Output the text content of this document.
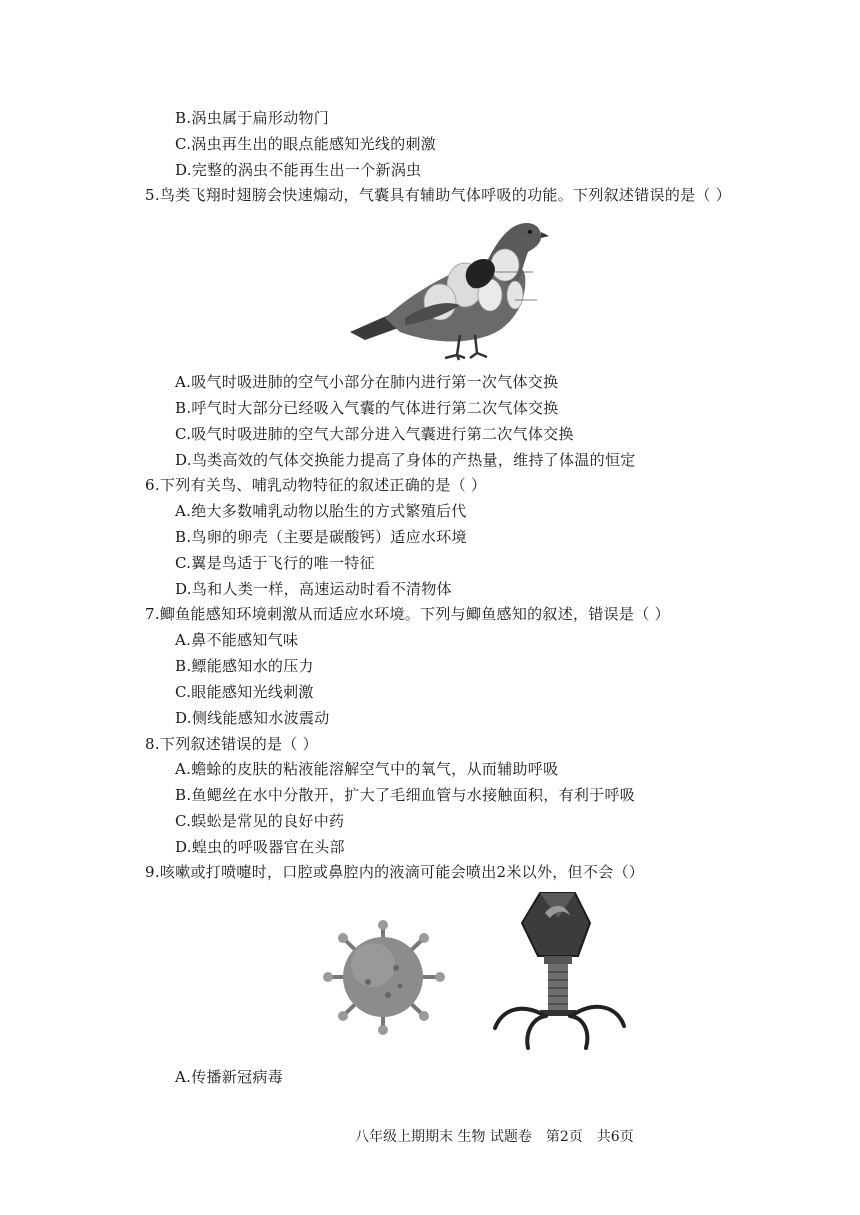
B.涡虫属于扁形动物门
C.涡虫再生出的眼点能感知光线的刺激
D.完整的涡虫不能再生出一个新涡虫
5.鸟类飞翔时翅膀会快速煽动，气囊具有辅助气体呼吸的功能。下列叙述错误的是（ ）
A.吸气时吸进肺的空气小部分在肺内进行第一次气体交换
B.呼气时大部分已经吸入气囊的气体进行第二次气体交换
C.吸气时吸进肺的空气大部分进入气囊进行第二次气体交换
D.鸟类高效的气体交换能力提高了身体的产热量，维持了体温的恒定
6.下列有关鸟、哺乳动物特征的叙述正确的是（ ）
A.绝大多数哺乳动物以胎生的方式繁殖后代
B.鸟卵的卵壳（主要是碳酸钙）适应水环境
C.翼是鸟适于飞行的唯一特征
D.鸟和人类一样，高速运动时看不清物体
7.鲫鱼能感知环境刺激从而适应水环境。下列与鲫鱼感知的叙述，错误是（ ）
A.鼻不能感知气味
B.鳔能感知水的压力
C.眼能感知光线刺激
D.侧线能感知水波震动
8.下列叙述错误的是（ ）
A.蟾蜍的皮肤的粘液能溶解空气中的氧气，从而辅助呼吸
B.鱼鳃丝在水中分散开，扩大了毛细血管与水接触面积，有利于呼吸
C.蜈蚣是常见的良好中药
D.蝗虫的呼吸器官在头部
9.咳嗽或打喷嚏时，口腔或鼻腔内的液滴可能会喷出2米以外，但不会（）
A.传播新冠病毒
八年级上期期末 生物 试题卷　第2页　共6页
